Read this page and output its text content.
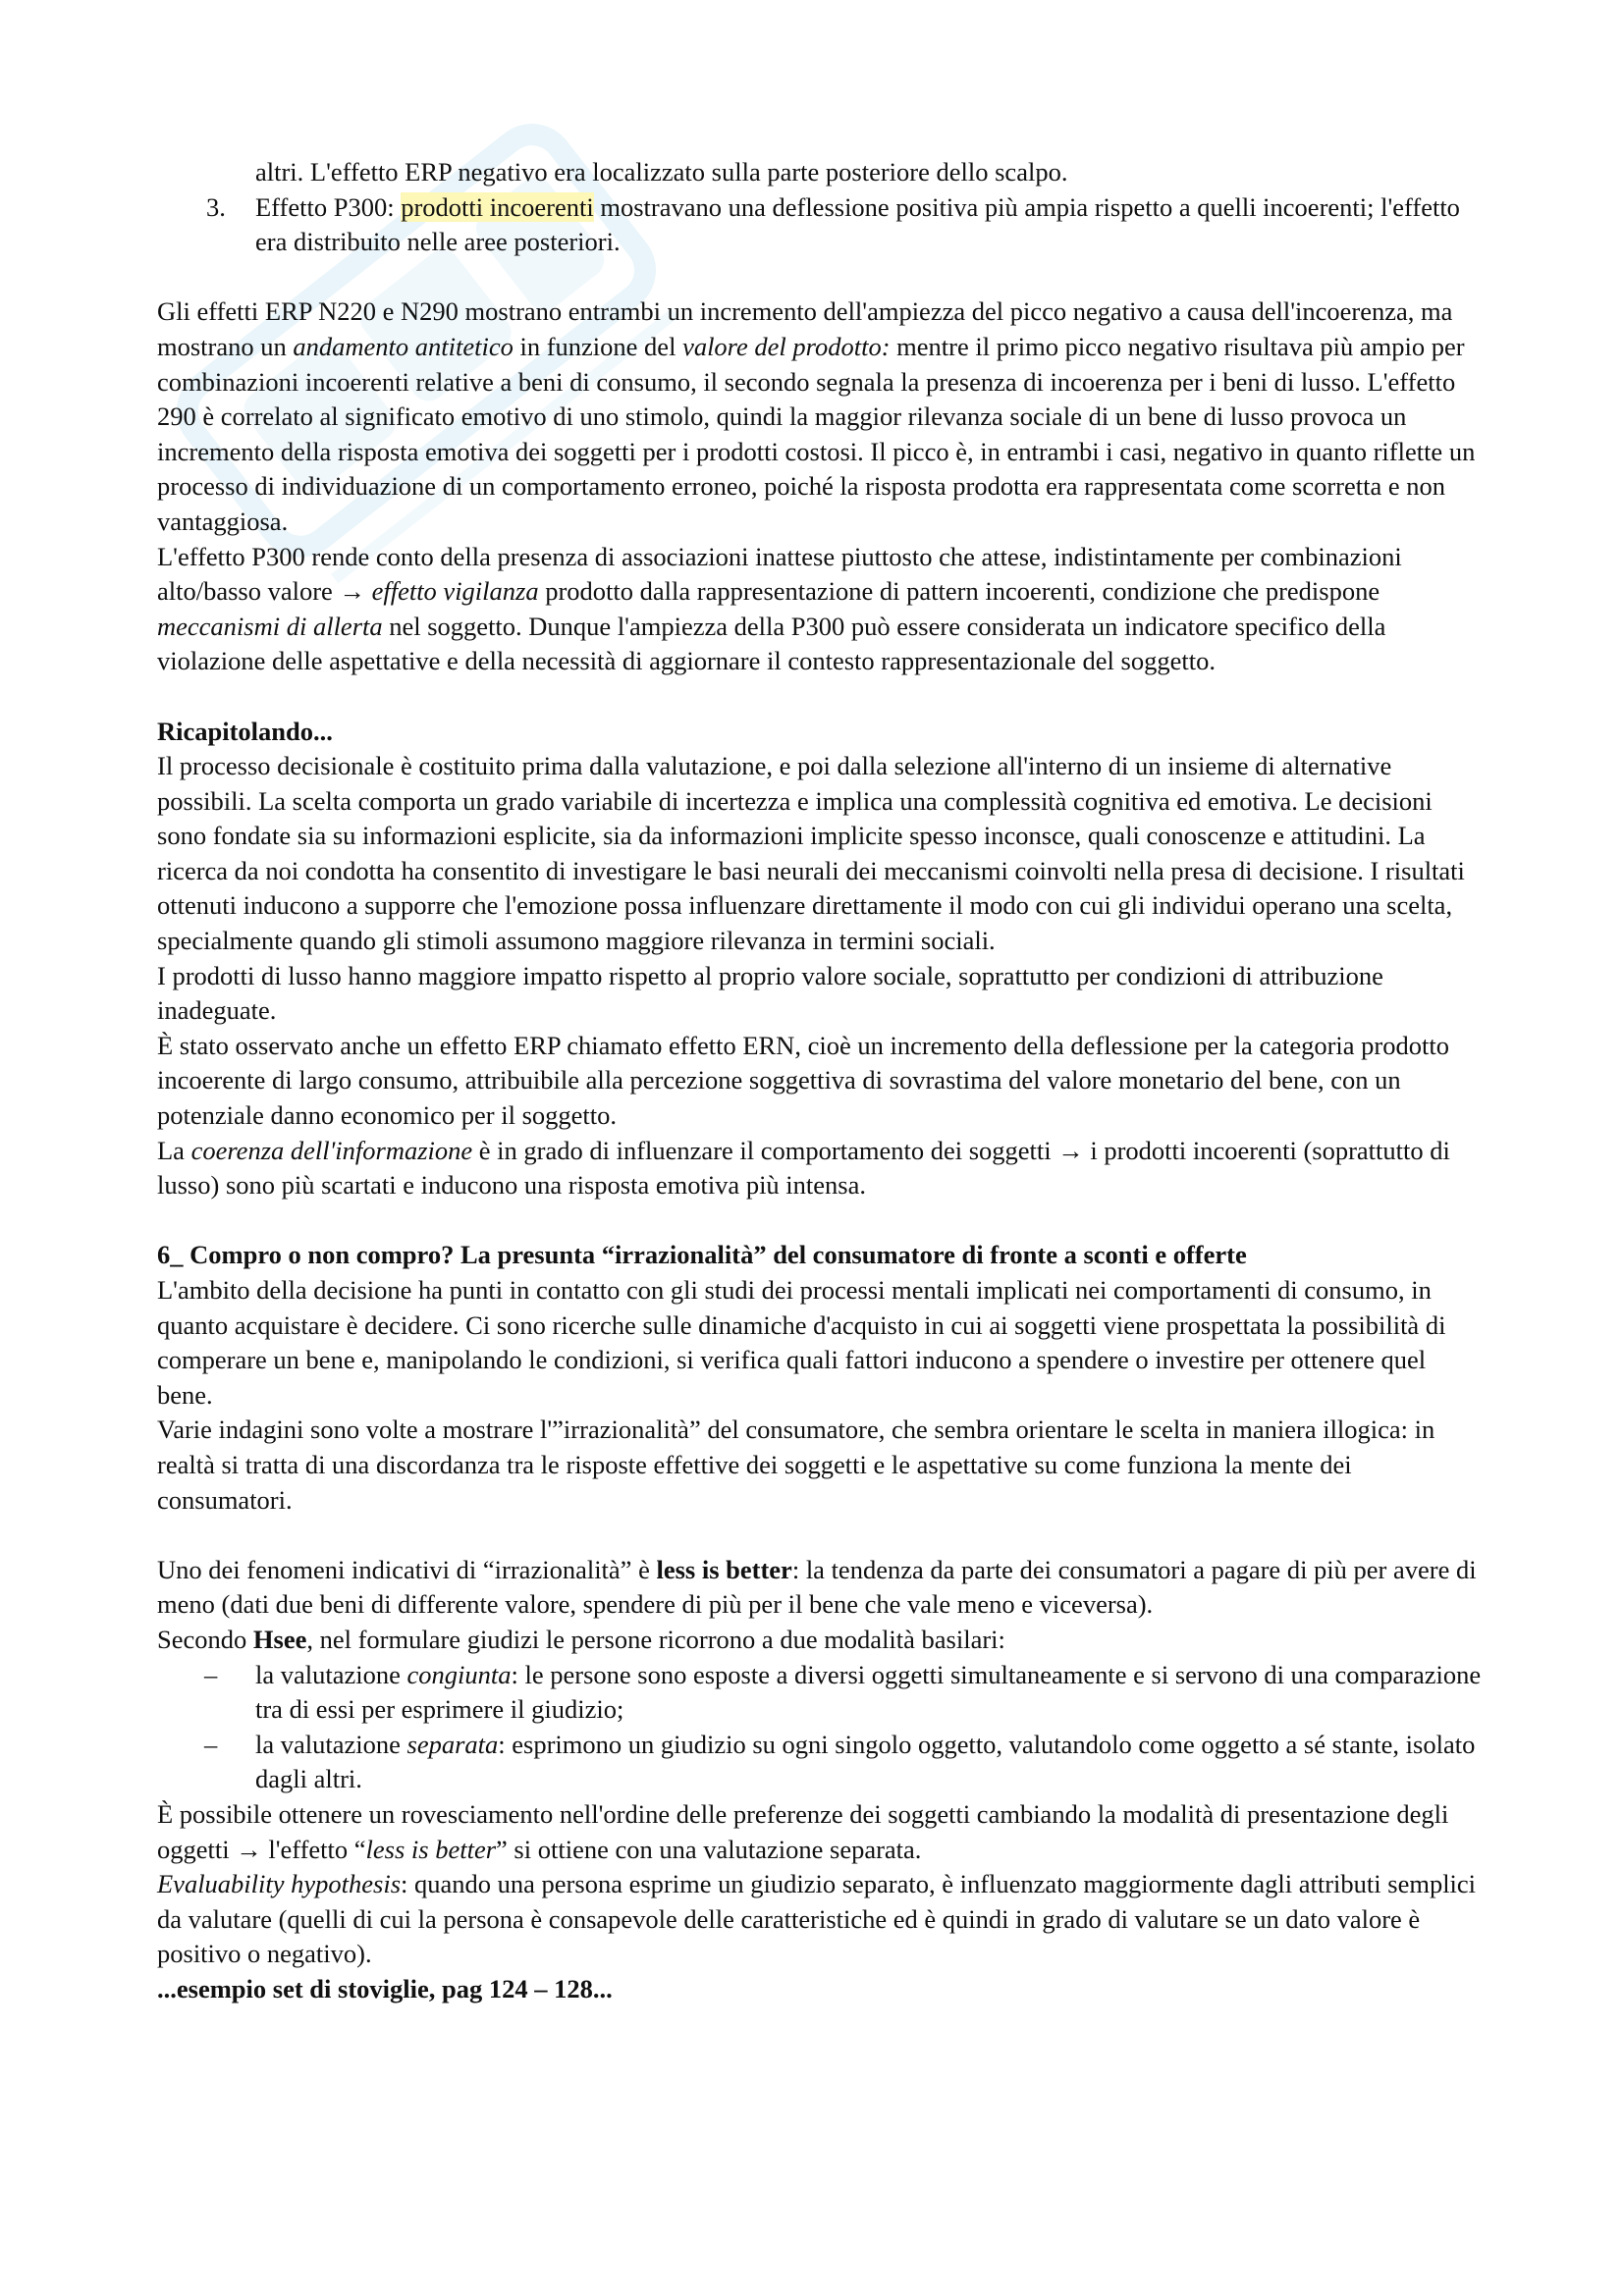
altri. L'effetto ERP negativo era localizzato sulla parte posteriore dello scalpo.

3. Effetto P300: prodotti incoerenti mostravano una deflessione positiva più ampia rispetto a quelli incoerenti; l'effetto era distribuito nelle aree posteriori.

Gli effetti ERP N220 e N290 mostrano entrambi un incremento dell'ampiezza del picco negativo a causa dell'incoerenza, ma mostrano un andamento antitetico in funzione del valore del prodotto: mentre il primo picco negativo risultava più ampio per combinazioni incoerenti relative a beni di consumo, il secondo segnala la presenza di incoerenza per i beni di lusso. L'effetto 290 è correlato al significato emotivo di uno stimolo, quindi la maggior rilevanza sociale di un bene di lusso provoca un incremento della risposta emotiva dei soggetti per i prodotti costosi. Il picco è, in entrambi i casi, negativo in quanto riflette un processo di individuazione di un comportamento erroneo, poiché la risposta prodotta era rappresentata come scorretta e non vantaggiosa.

L'effetto P300 rende conto della presenza di associazioni inattese piuttosto che attese, indistintamente per combinazioni alto/basso valore → effetto vigilanza prodotto dalla rappresentazione di pattern incoerenti, condizione che predispone meccanismi di allerta nel soggetto. Dunque l'ampiezza della P300 può essere considerata un indicatore specifico della violazione delle aspettative e della necessità di aggiornare il contesto rappresentazionale del soggetto.

Ricapitolando...

Il processo decisionale è costituito prima dalla valutazione, e poi dalla selezione all'interno di un insieme di alternative possibili. La scelta comporta un grado variabile di incertezza e implica una complessità cognitiva ed emotiva. Le decisioni sono fondate sia su informazioni esplicite, sia da informazioni implicite spesso inconsce, quali conoscenze e attitudini. La ricerca da noi condotta ha consentito di investigare le basi neurali dei meccanismi coinvolti nella presa di decisione. I risultati ottenuti inducono a supporre che l'emozione possa influenzare direttamente il modo con cui gli individui operano una scelta, specialmente quando gli stimoli assumono maggiore rilevanza in termini sociali.

I prodotti di lusso hanno maggiore impatto rispetto al proprio valore sociale, soprattutto per condizioni di attribuzione inadeguate.

È stato osservato anche un effetto ERP chiamato effetto ERN, cioè un incremento della deflessione per la categoria prodotto incoerente di largo consumo, attribuibile alla percezione soggettiva di sovrastima del valore monetario del bene, con un potenziale danno economico per il soggetto.

La coerenza dell'informazione è in grado di influenzare il comportamento dei soggetti → i prodotti incoerenti (soprattutto di lusso) sono più scartati e inducono una risposta emotiva più intensa.

6_ Compro o non compro? La presunta “irrazionalità” del consumatore di fronte a sconti e offerte

L'ambito della decisione ha punti in contatto con gli studi dei processi mentali implicati nei comportamenti di consumo, in quanto acquistare è decidere. Ci sono ricerche sulle dinamiche d'acquisto in cui ai soggetti viene prospettata la possibilità di comperare un bene e, manipolando le condizioni, si verifica quali fattori inducono a spendere o investire per ottenere quel bene.

Varie indagini sono volte a mostrare l'”irrazionalità” del consumatore, che sembra orientare le scelta in maniera illogica: in realtà si tratta di una discordanza tra le risposte effettive dei soggetti e le aspettative su come funziona la mente dei consumatori.

Uno dei fenomeni indicativi di “irrazionalità” è less is better: la tendenza da parte dei consumatori a pagare di più per avere di meno (dati due beni di differente valore, spendere di più per il bene che vale meno e viceversa).

Secondo Hsee, nel formulare giudizi le persone ricorrono a due modalità basilari:

– la valutazione congiunta: le persone sono esposte a diversi oggetti simultaneamente e si servono di una comparazione tra di essi per esprimere il giudizio;

– la valutazione separata: esprimono un giudizio su ogni singolo oggetto, valutandolo come oggetto a sé stante, isolato dagli altri.

È possibile ottenere un rovesciamento nell'ordine delle preferenze dei soggetti cambiando la modalità di presentazione degli oggetti → l'effetto “less is better” si ottiene con una valutazione separata.

Evaluability hypothesis: quando una persona esprime un giudizio separato, è influenzato maggiormente dagli attributi semplici da valutare (quelli di cui la persona è consapevole delle caratteristiche ed è quindi in grado di valutare se un dato valore è positivo o negativo).

...esempio set di stoviglie, pag 124 – 128...
